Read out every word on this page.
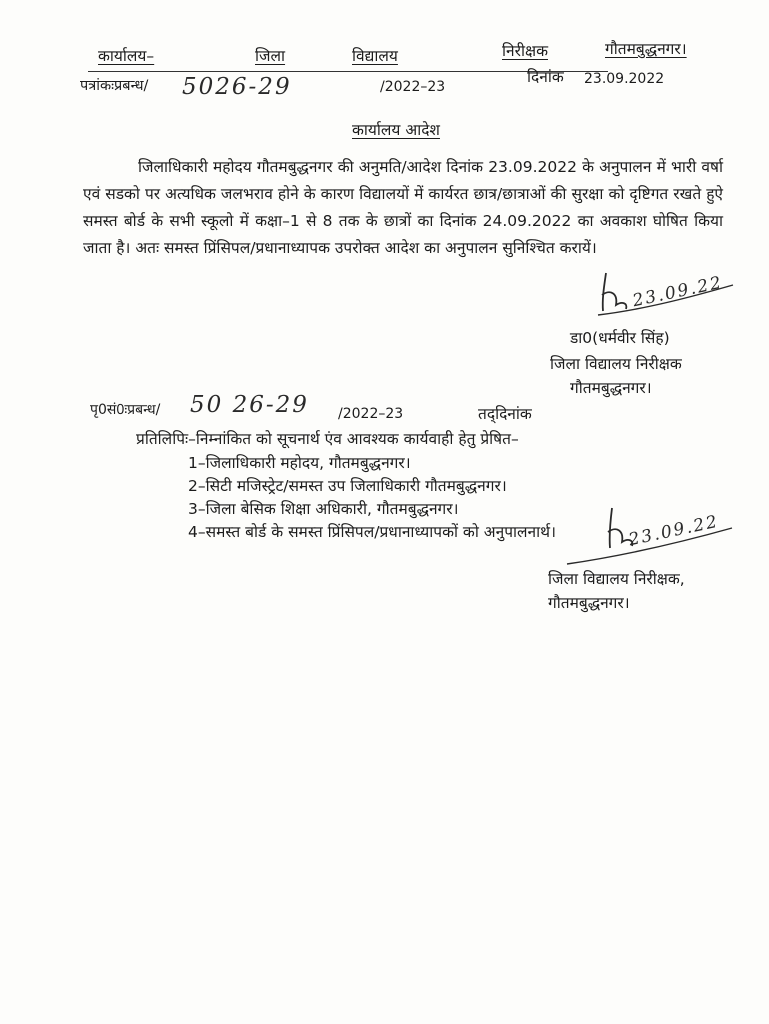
कार्यालय–	जिला	विद्यालय	निरीक्षक	गौतमबुद्धनगर।
पत्रांकःप्रबन्ध/ 5026-29	/2022–23
दिनांक 23.09.2022
कार्यालय आदेश
जिलाधिकारी महोदय गौतमबुद्धनगर की अनुमति/आदेश दिनांक 23.09.2022 के अनुपालन में भारी वर्षा एवं सडको पर अत्यधिक जलभराव होने के कारण विद्यालयों में कार्यरत छात्र/छात्राओं की सुरक्षा को दृष्टिगत रखते हुऐ समस्त बोर्ड के सभी स्कूलो में कक्षा–1 से 8 तक के छात्रों का दिनांक 24.09.2022 का अवकाश घोषित किया जाता है। अतः समस्त प्रिंसिपल/प्रधानाध्यापक उपरोक्त आदेश का अनुपालन सुनिश्चित करायें।
23.09.22
डा0(धर्मवीर सिंह)
जिला विद्यालय निरीक्षक
गौतमबुद्धनगर।
पृ0सं0ःप्रबन्ध/ 50 26-29 /2022–23	तद्‌दिनांक
प्रतिलिपिः–निम्नांकित को सूचनार्थ एंव आवश्यक कार्यवाही हेतु प्रेषित–
1–जिलाधिकारी महोदय, गौतमबुद्धनगर।
2–सिटी मजिस्ट्रेट/समस्त उप जिलाधिकारी गौतमबुद्धनगर।
3–जिला बेसिक शिक्षा अधिकारी, गौतमबुद्धनगर।
4–समस्त बोर्ड के समस्त प्रिंसिपल/प्रधानाध्यापकों को अनुपालनार्थ।	23.09.22
जिला विद्यालय निरीक्षक,
गौतमबुद्धनगर।
